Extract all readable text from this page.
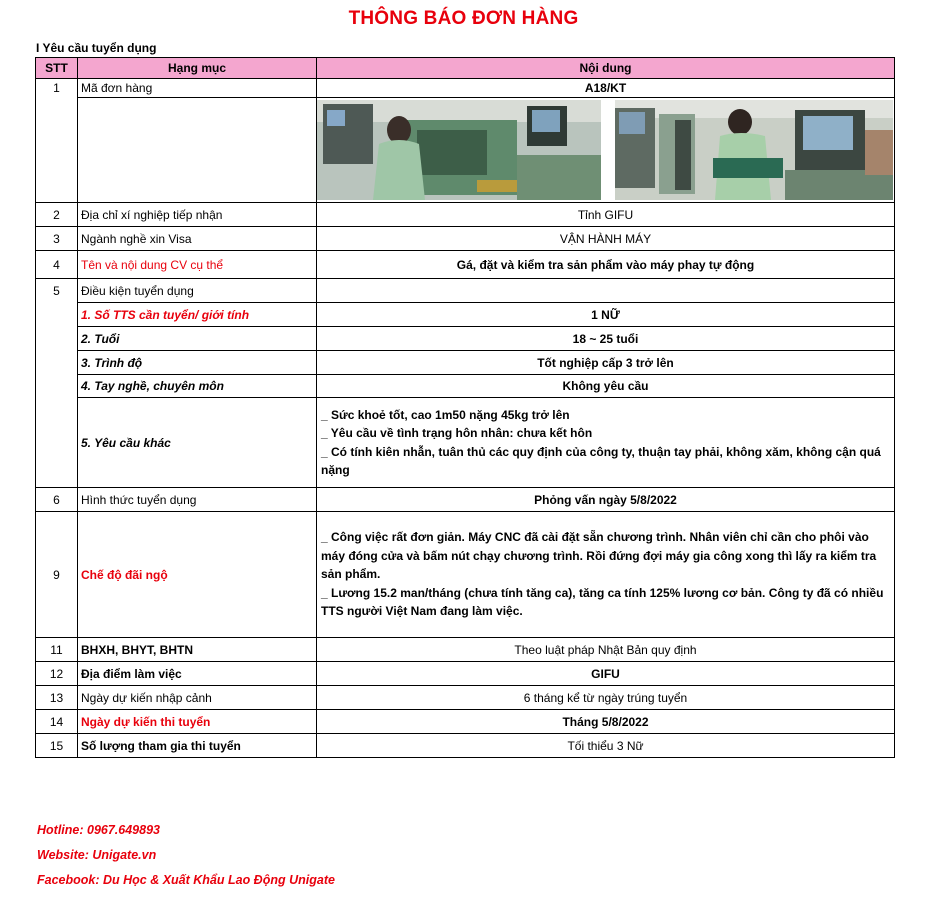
THÔNG BÁO ĐƠN HÀNG
I Yêu cầu tuyển dụng
STT	Hạng mục	Nội dung
1	Mã đơn hàng	A18/KT

2	Địa chỉ xí nghiệp tiếp nhận	Tỉnh GIFU
3	Ngành nghề xin Visa	VẬN HÀNH MÁY
4	Tên và nội dung CV cụ thể	Gá, đặt và kiểm tra sản phẩm vào máy phay tự động
5	Điều kiện tuyển dụng	
	1. Số TTS cần tuyển/ giới tính	1 NỮ
	2. Tuổi	18 ~ 25 tuổi
	3. Trình độ	Tốt nghiệp cấp 3 trở lên
	4. Tay nghề, chuyên môn	Không yêu cầu
	5. Yêu cầu khác	_ Sức khoẻ tốt, cao 1m50 nặng 45kg trở lên

_ Yêu cầu về tình trạng hôn nhân: chưa kết hôn

_ Có tính kiên nhẫn, tuân thủ các quy định của công ty, thuận tay phải, không xăm, không cận quá nặng

6	Hình thức tuyển dụng	Phỏng vấn ngày 5/8/2022
9	Chế độ đãi ngộ	_ Công việc rất đơn giản. Máy CNC đã cài đặt sẵn chương trình. Nhân viên chỉ cần cho phôi vào máy đóng cửa và bấm nút chạy chương trình. Rồi đứng đợi máy gia công xong thì lấy ra kiểm tra sản phẩm.

_ Lương 15.2 man/tháng (chưa tính tăng ca), tăng ca tính 125% lương cơ bản. Công ty đã có nhiều TTS người Việt Nam đang làm việc.

11	BHXH, BHYT, BHTN	Theo luật pháp Nhật Bản quy định
12	Địa điểm làm việc	GIFU
13	Ngày dự kiến nhập cảnh	6 tháng kể từ ngày trúng tuyển
14	Ngày dự kiến thi tuyển	Tháng 5/8/2022
15	Số lượng tham gia thi tuyển	Tối thiểu 3 Nữ
Hotline: 0967.649893
Website: Unigate.vn
Facebook: Du Học & Xuất Khẩu Lao Động Unigate
